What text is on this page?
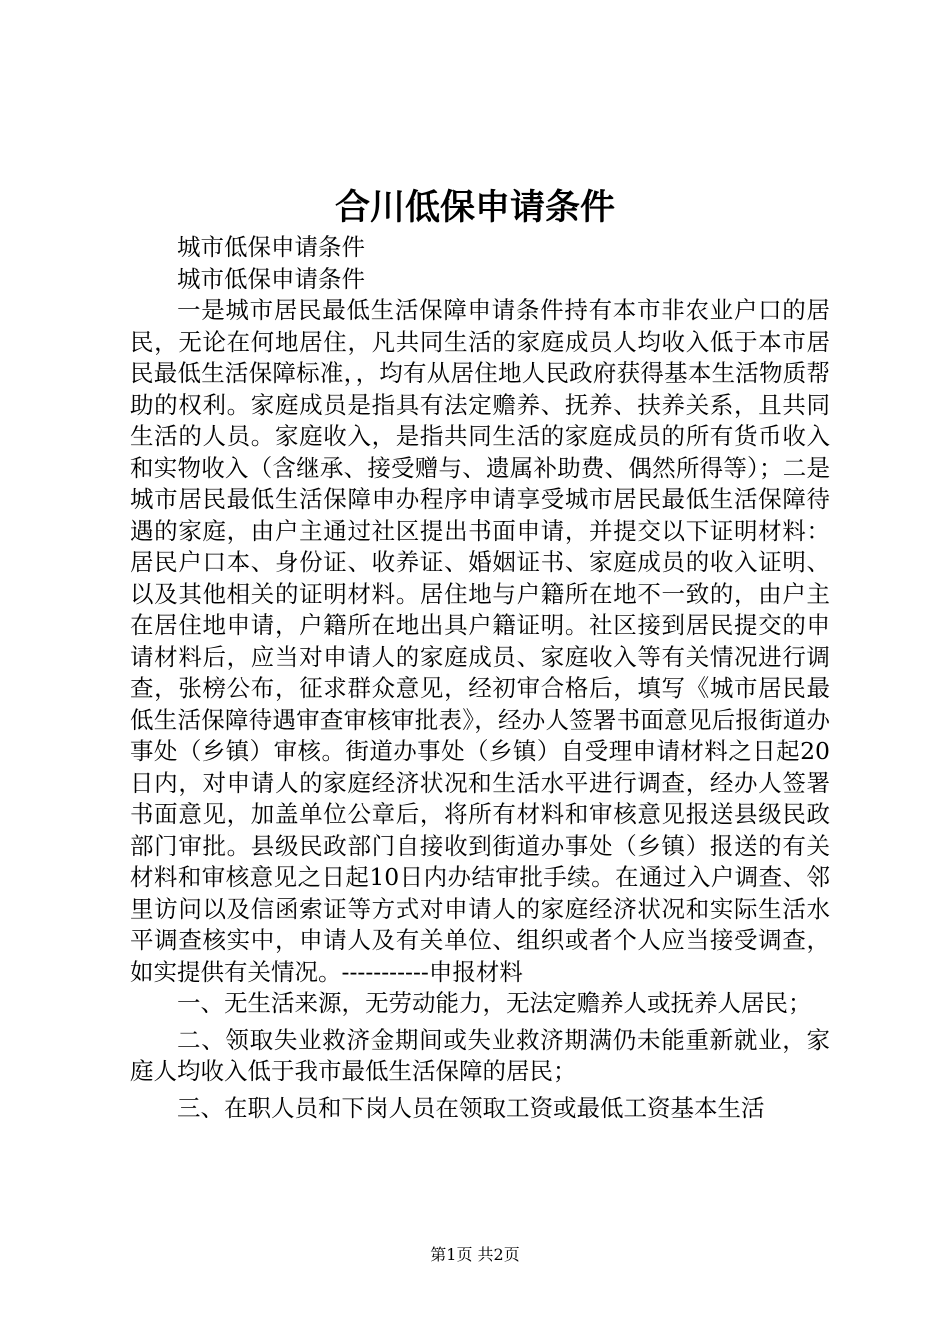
合川低保申请条件

城市低保申请条件

城市低保申请条件

一是城市居民最低生活保障申请条件持有本市非农业户口的居民，无论在何地居住，凡共同生活的家庭成员人均收入低于本市居民最低生活保障标准，，均有从居住地人民政府获得基本生活物质帮助的权利。家庭成员是指具有法定赡养、抚养、扶养关系，且共同生活的人员。家庭收入，是指共同生活的家庭成员的所有货币收入和实物收入（含继承、接受赠与、遗属补助费、偶然所得等）；二是城市居民最低生活保障申办程序申请享受城市居民最低生活保障待遇的家庭，由户主通过社区提出书面申请，并提交以下证明材料：居民户口本、身份证、收养证、婚姻证书、家庭成员的收入证明、以及其他相关的证明材料。居住地与户籍所在地不一致的，由户主在居住地申请，户籍所在地出具户籍证明。社区接到居民提交的申请材料后，应当对申请人的家庭成员、家庭收入等有关情况进行调查，张榜公布，征求群众意见，经初审合格后，填写《城市居民最低生活保障待遇审查审核审批表》，经办人签署书面意见后报街道办事处（乡镇）审核。街道办事处（乡镇）自受理申请材料之日起20日内，对申请人的家庭经济状况和生活水平进行调查，经办人签署书面意见，加盖单位公章后，将所有材料和审核意见报送县级民政部门审批。县级民政部门自接收到街道办事处（乡镇）报送的有关材料和审核意见之日起10日内办结审批手续。在通过入户调查、邻里访问以及信函索证等方式对申请人的家庭经济状况和实际生活水平调查核实中，申请人及有关单位、组织或者个人应当接受调查，如实提供有关情况。-----------申报材料

一、无生活来源，无劳动能力，无法定赡养人或抚养人居民；

二、领取失业救济金期间或失业救济期满仍未能重新就业，家庭人均收入低于我市最低生活保障的居民；

三、在职人员和下岗人员在领取工资或最低工资基本生活

第1页 共2页
